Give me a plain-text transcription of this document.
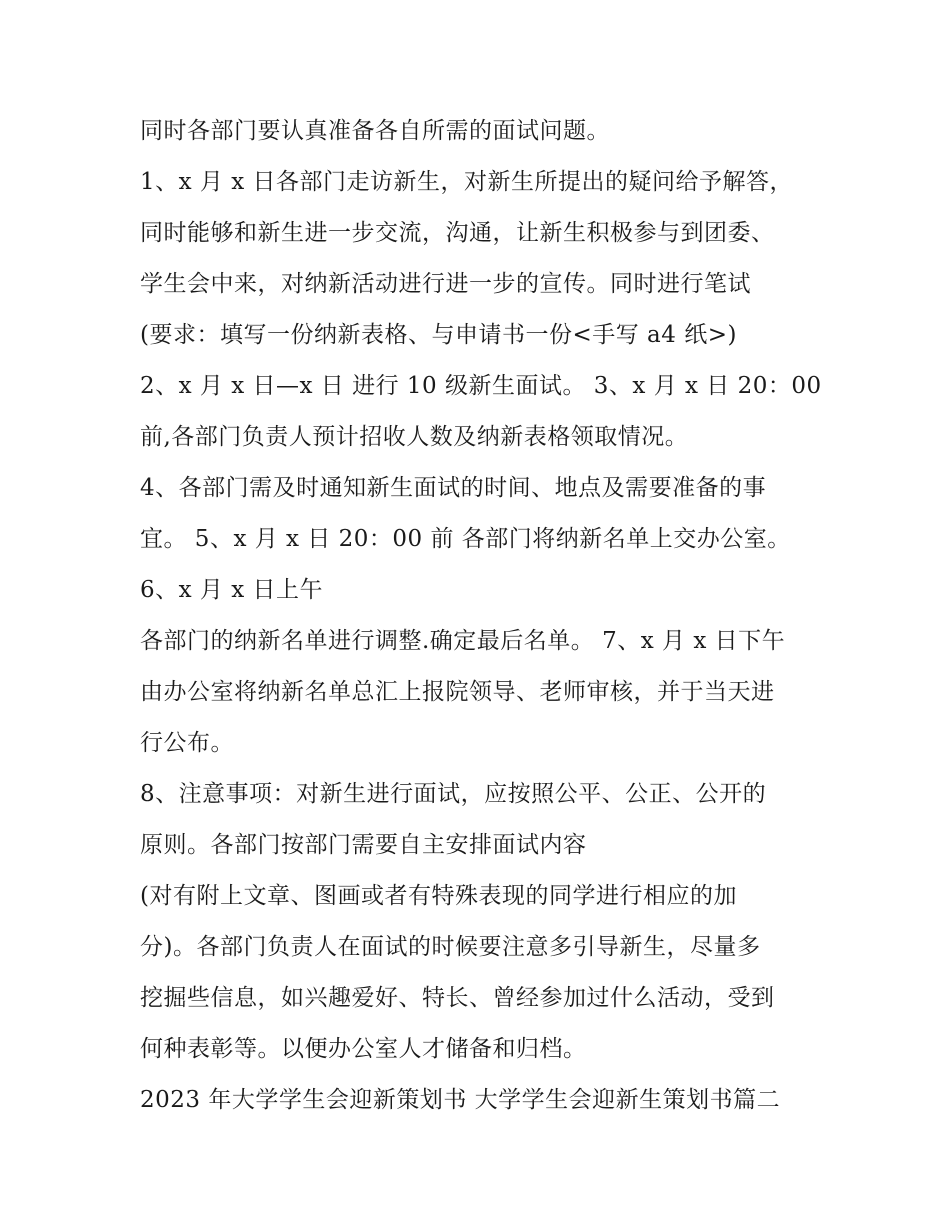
同时各部门要认真准备各自所需的面试问题。
1、x 月 x 日各部门走访新生，对新生所提出的疑问给予解答，
同时能够和新生进一步交流，沟通，让新生积极参与到团委、
学生会中来，对纳新活动进行进一步的宣传。同时进行笔试
(要求：填写一份纳新表格、与申请书一份<手写 a4 纸>)
2、x 月 x 日—x 日 进行 10 级新生面试。 3、x 月 x 日 20：00
前,各部门负责人预计招收人数及纳新表格领取情况。
4、各部门需及时通知新生面试的时间、地点及需要准备的事
宜。 5、x 月 x 日 20：00 前 各部门将纳新名单上交办公室。
6、x 月 x 日上午
各部门的纳新名单进行调整.确定最后名单。 7、x 月 x 日下午
由办公室将纳新名单总汇上报院领导、老师审核，并于当天进
行公布。
8、注意事项：对新生进行面试，应按照公平、公正、公开的
原则。各部门按部门需要自主安排面试内容
(对有附上文章、图画或者有特殊表现的同学进行相应的加
分)。各部门负责人在面试的时候要注意多引导新生，尽量多
挖掘些信息，如兴趣爱好、特长、曾经参加过什么活动，受到
何种表彰等。以便办公室人才储备和归档。
2023 年大学学生会迎新策划书 大学学生会迎新生策划书篇二
